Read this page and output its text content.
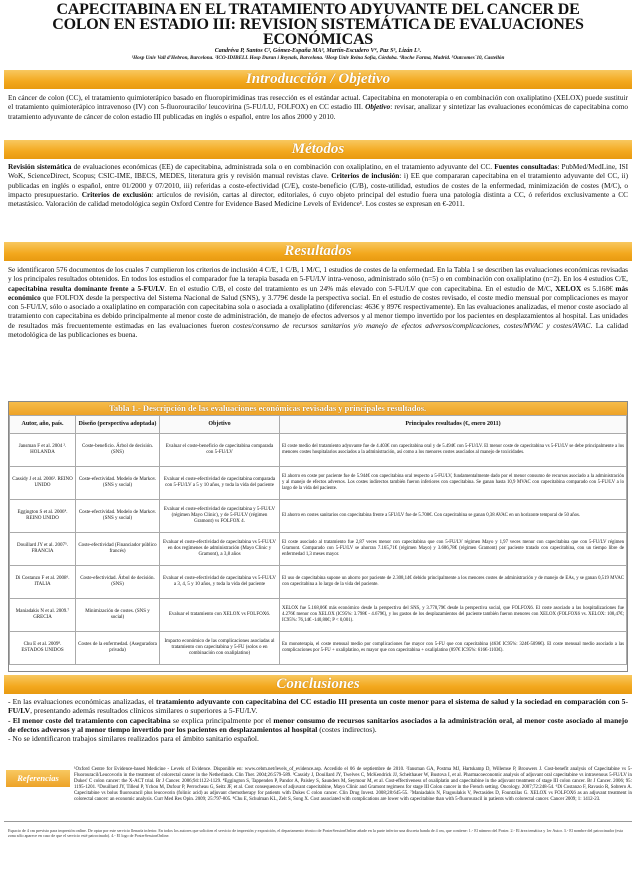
CAPECITABINA EN EL TRATAMIENTO ADYUVANTE DEL CANCER DE
COLON EN ESTADIO III: REVISION SISTEMÁTICA DE EVALUACIONES
ECONÓMICAS
Candréva P, Santos C², Gómez-España MA³, Martín-Escudero V⁴, Paz S⁵, Lizán L⁵.
¹Hosp Univ Vall d'Hebron, Barcelona. ²ICO-IDIBELL Hosp Duran i Reynals, Barcelona. ³Hosp Univ Reina Sofía, Córdoba. ⁴Roche Farma, Madrid. ⁵Outcomes´10, Castellón
Introducción / Objetivo
En cáncer de colon (CC), el tratamiento quimioterápico basado en fluoropirimidinas tras resección es el estándar actual. Capecitabina en monoterapia o en combinación con oxaliplatino (XELOX) puede sustituir el tratamiento quimioterápico intravenoso (IV) con 5-fluorouracilo/ leucovirina (5-FU/LU, FOLFOX) en CC estadio III. Objetivo: revisar, analizar y sintetizar las evaluaciones económicas de capecitabina como tratamiento adyuvante de cáncer de colon estadio III publicadas en inglés o español, entre los años 2000 y 2010.
Métodos
Revisión sistemática de evaluaciones económicas (EE) de capecitabina, administrada sola o en combinación con oxaliplatino, en el tratamiento adyuvante del CC. Fuentes consultadas: PubMed/MedLine, ISI WoK, ScienceDirect, Scopus; CSIC-IME, IBECS, MEDES, literatura gris y revisión manual revistas clave. Criterios de inclusión: i) EE que compararan capecitabina en el tratamiento adyuvante del CC, ii) publicadas en inglés o español, entre 01/2000 y 07/2010, iii) referidas a coste-efectividad (C/E), coste-beneficio (C/B), coste-utilidad, estudios de costes de la enfermedad, minimización de costes (M/C), o impacto presupuestario. Criterios de exclusión: artículos de revisión, cartas al director, editoriales, ó cuyo objeto principal del estudio fuera una patología distinta a CC, ó referidos exclusivamente a CC metastásico. Valoración de calidad metodológica según Oxford Centre for Evidence Based Medicine Levels of Evidence¹. Los costes se expresan en €-2011.
Resultados
Se identificaron 576 documentos de los cuales 7 cumplieron los criterios de inclusión 4 C/E, 1 C/B, 1 M/C, 1 estudios de costes de la enfermedad. En la Tabla 1 se describen las evaluaciones económicas revisadas y los principales resultados obtenidos. En todos los estudios el comparador fue la terapia basada en 5-FU/LV intra-venoso, administrado sólo (n=5) o en combinación con oxaliplatino (n=2). En los 4 estudios C/E, capecitabina resulta dominante frente a 5-FU/LV. En el estudio C/B, el coste del tratamiento es un 24% más elevado con 5-FU/LV que con capecitabina. En el estudio de M/C, XELOX es 5.168€ más económico que FOLFOX desde la perspectiva del Sistema Nacional de Salud (SNS), y 3.779€ desde la perspectiva social. En el estudio de costes revisado, el coste medio mensual por complicaciones es mayor con 5-FU/LV, sólo o asociado a oxaliplatino en comparación con capecitabina sola o asociada a oxaliplatino (diferencias: 463€ y 897€ respectivamente). En las evaluaciones analizadas, el menor coste asociado al tratamiento con capecitabina es debido principalmente al menor coste de administración, de manejo de efectos adversos y al menor tiempo invertido por los pacientes en desplazamientos al hospital. Las unidades de resultados más frecuentemente estimadas en las evaluaciones fueron costes/consumo de recursos sanitarios y/o manejo de efectos adversos/complicaciones, costes/MVAC y costes/AVAC. La calidad metodológica de las publicaciones es buena.
Tabla 1.- Descripción de las evaluaciones económicas revisadas y principales resultados.
Autor, año, país.	Diseño (perspectiva adoptada)	Objetivo	Principales resultados (€, enero 2011)
Jansman F et al. 2004 ². HOLANDA	Coste-beneficio. Árbol de decisión. (SNS)	Evaluar el coste-beneficio de capecitabina comparada con 5-FU/LV	El coste medio del tratamiento adyuvante fue de 4.403€ con capecitabina oral y de 5.494€ con 5-FU/LV. El menor coste de capecitabina vs 5-FU/LV se debe principalmente a los menores costes hospitalarios asociados a la administración, así como a los menores costes asociados al manejo de toxicidades.
Cassidy J et al. 2006³. REINO UNIDO	Coste-efectividad. Modelo de Markov. (SNS y social)	Evaluar el coste-efectividad de capecitabina comparada con 5-FU/LV a 5 y 10 años, y toda la vida del paciente	El ahorro en coste por paciente fue de 5.944€ con capecitabina oral respecto a 5-FU/LV, fundamentalmente dado por el menor consumo de recursos asociado a la administración y al manejo de efectos adversos. Los costes indirectos también fueron inferiores con capecitabina. Se ganan hasta 10,9 MVAC con capecitabina comparado con 5-FU/LV a lo largo de la vida del paciente.
Eggington S et al. 2006⁴. REINO UNIDO	Coste-efectividad. Modelo de Markov. (SNS y social)	Evaluar el coste-efectividad de capecitabina y 5-FU/LV (régimen Mayo Clinic), y de 5-FU/LV (régimen Gramont) vs FOLFOX 4.	El ahorro en costes sanitarios con capecitabina frente a 5FU/LV fue de 5.708€. Con capecitabina se ganan 0,38 AVAC en un horizonte temporal de 50 años.
Douillard JY et al. 2007⁵. FRANCIA	Coste-efectividad (Financiador público francés)	Evaluar el coste-efectividad de capecitabina vs 5-FU/LV en dos regímenes de administración (Mayo Clinic y Gramont), a 3,8 años	El coste asociado al tratamiento fue 2,87 veces menor con capecitabina que con 5-FU/LV régimen Mayo y 1,97 veces menor con capecitabina que con 5-FU/LV régimen Gramont. Comparado con 5-FU/LV se ahorran 7.165,71€ (régimen Mayo) y 3.686,78€ (régimen Gramont) por paciente tratado con capecitabina, con un tiempo libre de enfermedad 1,3 meses mayor.
Di Costanzo F et al. 2008⁶. ITALIA	Coste-efectividad. Árbol de decisión. (SNS)	Evaluar el coste-efectividad de capecitabina vs 5-FU/LV a 3, 4, 5 y 10 años, y toda la vida del paciente	El uso de capecitabina supone un ahorro por paciente de 2.308,14€ debido principalmente a los menores costes de administración y de manejo de EAs, y se ganan 0,519 MVAC con capecitabina a lo largo de la vida del paciente.
Maniadakis N et al. 2009.⁷ GRECIA	Minimización de costes. (SNS y social)	Evaluar el tratamiento con XELOX vs FOLFOX6.	XELOX fue 5.168,06€ más económico desde la perspectiva del SNS, y 3.778,79€ desde la perspectiva social, que FOLFOX6. El coste asociado a las hospitalizaciones fue 4.276€ menor con XELOX (IC95%: 3.798€ - 4.679€), y los gastos de los desplazamientos del paciente también fueron menores con XELOX (FOLFOX6 vs. XELOX: 108,47€; IC95%: 76,14€ -140,80€; P < 0,001).
Chu E et al. 2009⁸. ESTADOS UNIDOS	Costes de la enfermedad. (Aseguradora privada)	Impacto económico de las complicaciones asociadas al tratamiento con capecitabina y 5-FU (solos o en combinación con oxaliplatino)	En monoterapia, el coste mensual medio por complicaciones fue mayor con 5-FU que con capecitabina (463€ IC95%: 324€-5096€). El coste mensual medio asociado a las complicaciones por 5-FU + oxaliplatino, es mayor que con capecitabina + oxaliplatino (897€ IC95%: 616€-1103€).
Conclusiones
- En las evaluaciones económicas analizadas, el tratamiento adyuvante con capecitabina del CC estadio III presenta un coste menor para el sistema de salud y la sociedad en comparación con 5-FU/LV, presentando además resultados clínicos similares o superiores a 5-FU/LV.
- El menor coste del tratamiento con capecitabina se explica principalmente por el menor consumo de recursos sanitarios asociados a la administración oral, al menor coste asociado al manejo de efectos adversos y al menor tiempo invertido por los pacientes en desplazamientos al hospital (costes indirectos).
- No se identificaron trabajos similares realizados para el ámbito sanitario español.
Referencias
¹Oxford Centre for Evidence-based Medicine - Levels of Evidence. Disponible en: www.cebm.net/levels_of_evidence.asp. Accedido el 06 de septiembre de 2010. ²Jansman GA, Postma MJ, Hartskamp D, Willemse P, Brouwers J. Cost-benefit analysis of Capecitabine vs 5-Fluorouracil/Leucovorin in the treatment of colorectal cancer in the Netherlands. Clin Ther. 2004;26:579-589. ³Cassidy J, Douillard JY, Twelves C, McKendrick JJ, Scheithauer W, Bustova I, et al. Pharmacoeconomic analysis of adjuvant oral capecitabine vs intravenous 5-FU/LV in Dukes' C colon cancer: the X-ACT trial. Br J Cancer. 2006;94:1122-1129. ⁴Eggington S, Tappenden P, Pandor A, Paisley S, Saunders M, Seymour M, et al. Cost-effectiveness of oxaliplatin and capecitabine in the adjuvant treatment of stage III colon cancer. Br J Cancer. 2006; 95: 1195-1201. ⁵Douillard JY, Tilleul P, Ychou M, Dufour P, Perrocheau G, Seitz JF, et al. Cost consequences of adjuvant capecitabine, Mayo Clinic and Gramont regimens for stage III Colon cancer in the French setting. Oncology. 2007;72:248-54. ⁶Di Costanzo F, Ravasio R, Sobrero A. Capecitabine vs bolus fluorouracil plus leucovorin (folinic acid) as adjuvant chemotherapy for patients with Dukes C colon cancer. Clin Drug Invest. 2008;28:645-55. ⁷Maniadakis N, Fragoulakis V, Pectasides D, Fountzilas G. XELOX vs FOLFOX6 as an adjuvant treatment in colorectal cancer: an economic analysis. Curr Med Res Opin. 2009; 25:797-805. ⁸Chu E, Schulman KL, Zelt S, Song X. Cost associated with complications are lower with capecitabine than with 5-fluorouracil in patients with colorectal cancer. Cancer 2009; 1: 1412-23.
Espacio de 4 cm previsto para impresión online. De optar por este servicio llenaría inferior. En todos los autores que soliciten el servicio de impresión y exposición, el departamento técnico de PosterSessionOnline añade en la parte inferior una discreta banda de 4 cm, que contiene: 1.- El número del Poster. 2.- El área temática y 1er Autor. 3.- El nombre del patrocinador (esta zona sólo aparece en caso de que el servicio esté patrocinado). 4.- El logo de PosterSessionOnline.
